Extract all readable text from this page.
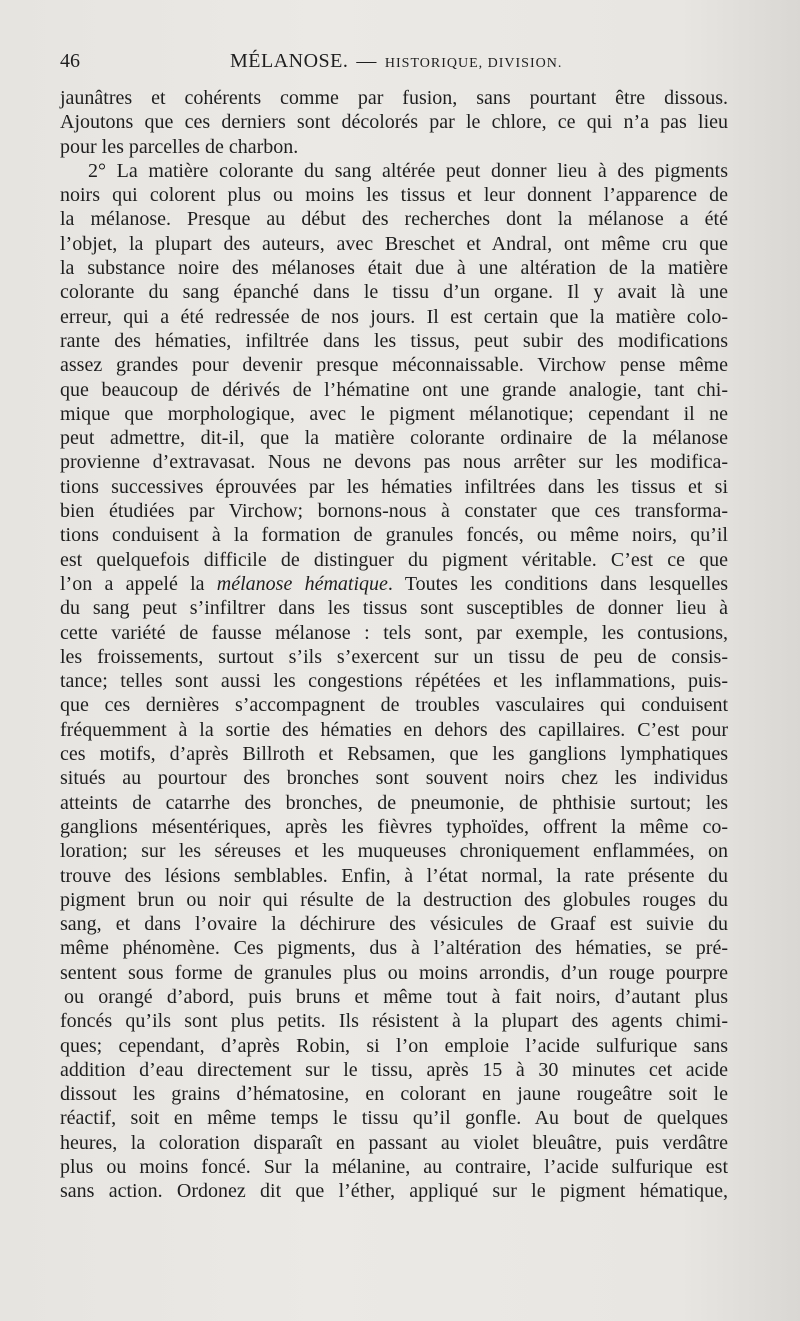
46	MÉLANOSE. — HISTORIQUE, DIVISION.
jaunâtres et cohérents comme par fusion, sans pourtant être dissous.
Ajoutons que ces derniers sont décolorés par le chlore, ce qui n’a pas lieu
pour les parcelles de charbon.
2° La matière colorante du sang altérée peut donner lieu à des pigments
noirs qui colorent plus ou moins les tissus et leur donnent l’apparence de
la mélanose. Presque au début des recherches dont la mélanose a été
l’objet, la plupart des auteurs, avec Breschet et Andral, ont même cru que
la substance noire des mélanoses était due à une altération de la matière
colorante du sang épanché dans le tissu d’un organe. Il y avait là une
erreur, qui a été redressée de nos jours. Il est certain que la matière colo-
rante des hématies, infiltrée dans les tissus, peut subir des modifications
assez grandes pour devenir presque méconnaissable. Virchow pense même
que beaucoup de dérivés de l’hématine ont une grande analogie, tant chi-
mique que morphologique, avec le pigment mélanotique; cependant il ne
peut admettre, dit-il, que la matière colorante ordinaire de la mélanose
provienne d’extravasat. Nous ne devons pas nous arrêter sur les modifica-
tions successives éprouvées par les hématies infiltrées dans les tissus et si
bien étudiées par Virchow; bornons-nous à constater que ces transforma-
tions conduisent à la formation de granules foncés, ou même noirs, qu’il
est quelquefois difficile de distinguer du pigment véritable. C’est ce que
l’on a appelé la mélanose hématique. Toutes les conditions dans lesquelles
du sang peut s’infiltrer dans les tissus sont susceptibles de donner lieu à
cette variété de fausse mélanose : tels sont, par exemple, les contusions,
les froissements, surtout s’ils s’exercent sur un tissu de peu de consis-
tance; telles sont aussi les congestions répétées et les inflammations, puis-
que ces dernières s’accompagnent de troubles vasculaires qui conduisent
fréquemment à la sortie des hématies en dehors des capillaires. C’est pour
ces motifs, d’après Billroth et Rebsamen, que les ganglions lymphatiques
situés au pourtour des bronches sont souvent noirs chez les individus
atteints de catarrhe des bronches, de pneumonie, de phthisie surtout; les
ganglions mésentériques, après les fièvres typhoïdes, offrent la même co-
loration; sur les séreuses et les muqueuses chroniquement enflammées, on
trouve des lésions semblables. Enfin, à l’état normal, la rate présente du
pigment brun ou noir qui résulte de la destruction des globules rouges du
sang, et dans l’ovaire la déchirure des vésicules de Graaf est suivie du
même phénomène. Ces pigments, dus à l’altération des hématies, se pré-
sentent sous forme de granules plus ou moins arrondis, d’un rouge pourpre
ou orangé d’abord, puis bruns et même tout à fait noirs, d’autant plus
foncés qu’ils sont plus petits. Ils résistent à la plupart des agents chimi-
ques; cependant, d’après Robin, si l’on emploie l’acide sulfurique sans
addition d’eau directement sur le tissu, après 15 à 30 minutes cet acide
dissout les grains d’hématosine, en colorant en jaune rougeâtre soit le
réactif, soit en même temps le tissu qu’il gonfle. Au bout de quelques
heures, la coloration disparaît en passant au violet bleuâtre, puis verdâtre
plus ou moins foncé. Sur la mélanine, au contraire, l’acide sulfurique est
sans action. Ordonez dit que l’éther, appliqué sur le pigment hématique,
